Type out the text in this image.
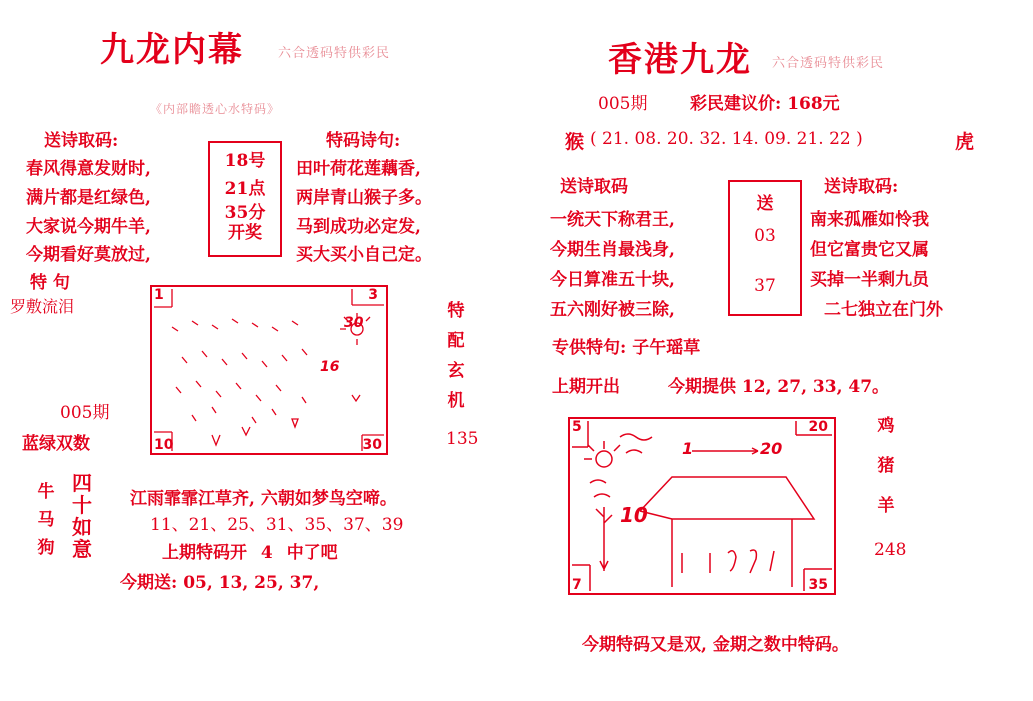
九龙内幕	六合透码特供彩民
《内部瞻透心水特码》
送诗取码:
春风得意发财时,
满片都是红绿色,
大家说今期牛羊,
今期看好莫放过,
18号
21点
35分
开奖
特码诗句:
田叶荷花莲藕香,
两岸青山猴子多。
马到成功必定发,
买大买小自己定。
特 句
罗敷流泪
1	3
10	30
16
30
特
配
玄
机
005期
蓝绿双数	135
牛
马
狗
四
十
如
意
江雨霏霏江草齐, 六朝如梦鸟空啼。
11、21、25、31、35、37、39
上期特码开 4 中了吧
今期送: 05, 13, 25, 37,
香港九龙 六合透码特供彩民
005期	彩民建议价: 168元
猴 ( 21. 08. 20. 32. 14. 09. 21. 22 )	虎
送诗取码
一统天下称君王,
今期生肖最浅身,
今日算准五十块,
五六刚好被三除,
送
03
37
送诗取码:
南来孤雁如怜我
但它富贵它又属
买掉一半剩九员
二七独立在门外
专供特句: 子午瑶草
上期开出	今期提供 12, 27, 33, 47。
5	20
7	35
1	20
10
鸡
猪
羊
248
今期特码又是双, 金期之数中特码。
